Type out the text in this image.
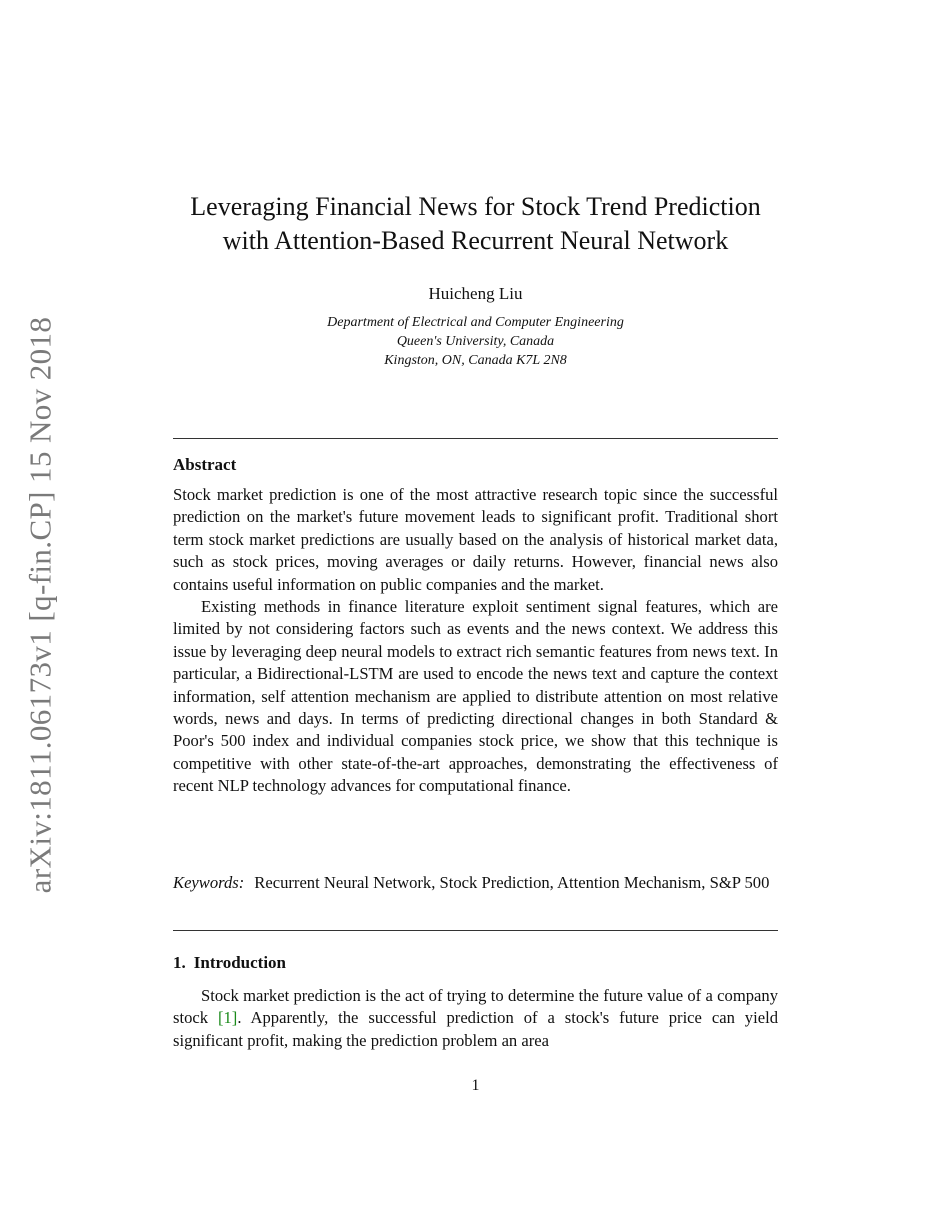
arXiv:1811.06173v1 [q-fin.CP] 15 Nov 2018
Leveraging Financial News for Stock Trend Prediction
with Attention-Based Recurrent Neural Network
Huicheng Liu
Department of Electrical and Computer Engineering
Queen's University, Canada
Kingston, ON, Canada K7L 2N8
Abstract

Stock market prediction is one of the most attractive research topic since the successful prediction on the market's future movement leads to significant profit. Traditional short term stock market predictions are usually based on the analysis of historical market data, such as stock prices, moving averages or daily returns. However, financial news also contains useful information on public companies and the market.

Existing methods in finance literature exploit sentiment signal features, which are limited by not considering factors such as events and the news context. We address this issue by leveraging deep neural models to extract rich semantic features from news text. In particular, a Bidirectional-LSTM are used to encode the news text and capture the context information, self attention mechanism are applied to distribute attention on most relative words, news and days. In terms of predicting directional changes in both Standard & Poor's 500 index and individual companies stock price, we show that this technique is competitive with other state-of-the-art approaches, demonstrating the effectiveness of recent NLP technology advances for computational finance.

Keywords: Recurrent Neural Network, Stock Prediction, Attention Mechanism, S&P 500
1. Introduction

Stock market prediction is the act of trying to determine the future value of a company stock [1]. Apparently, the successful prediction of a stock's future price can yield significant profit, making the prediction problem an area

1
